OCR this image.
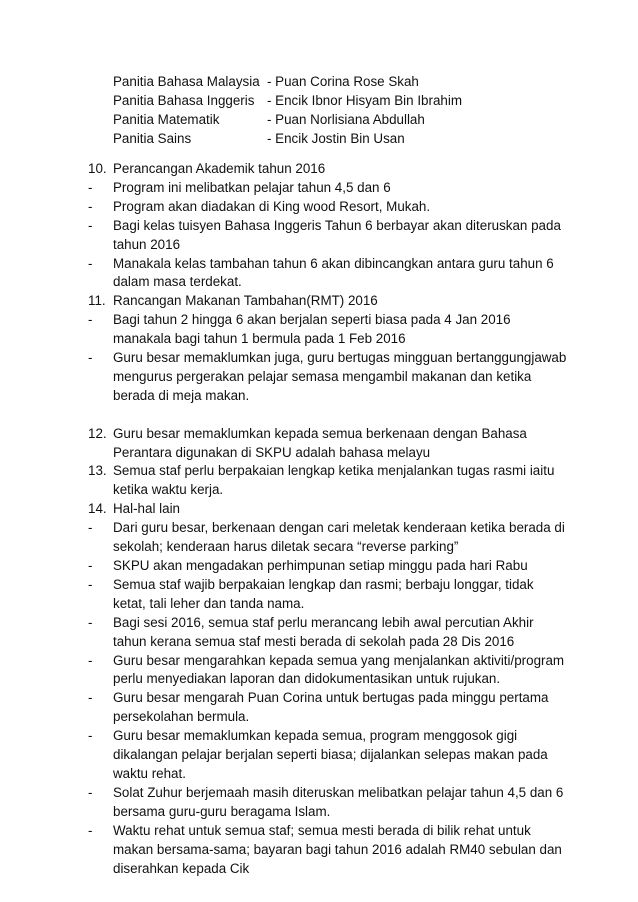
Panitia Bahasa Malaysia - Puan Corina Rose Skah
Panitia Bahasa Inggeris - Encik Ibnor Hisyam Bin Ibrahim
Panitia Matematik	- Puan Norlisiana Abdullah
Panitia Sains	- Encik Jostin Bin Usan
10. Perancangan Akademik tahun 2016
- Program ini melibatkan pelajar tahun 4,5 dan 6
- Program akan diadakan di King wood Resort, Mukah.
- Bagi kelas tuisyen Bahasa Inggeris Tahun 6 berbayar akan diteruskan pada tahun 2016
- Manakala kelas tambahan tahun 6 akan dibincangkan antara guru tahun 6 dalam masa terdekat.
11. Rancangan Makanan Tambahan(RMT) 2016
- Bagi tahun 2 hingga 6 akan berjalan seperti biasa pada 4 Jan 2016 manakala bagi tahun 1 bermula pada 1 Feb 2016
- Guru besar memaklumkan juga, guru bertugas mingguan bertanggungjawab mengurus pergerakan pelajar semasa mengambil makanan dan ketika berada di meja makan.
12. Guru besar memaklumkan kepada semua berkenaan dengan Bahasa Perantara digunakan di SKPU adalah bahasa melayu
13. Semua staf perlu berpakaian lengkap ketika menjalankan tugas rasmi iaitu ketika waktu kerja.
14. Hal-hal lain
- Dari guru besar, berkenaan dengan cari meletak kenderaan ketika berada di sekolah; kenderaan harus diletak secara “reverse parking”
- SKPU akan mengadakan perhimpunan setiap minggu pada hari Rabu
- Semua staf wajib berpakaian lengkap dan rasmi; berbaju longgar, tidak ketat, tali leher dan tanda nama.
- Bagi sesi 2016, semua staf perlu merancang lebih awal percutian Akhir tahun kerana semua staf mesti berada di sekolah pada 28 Dis 2016
- Guru besar mengarahkan kepada semua yang menjalankan aktiviti/program perlu menyediakan laporan dan didokumentasikan untuk rujukan.
- Guru besar mengarah Puan Corina untuk bertugas pada minggu pertama persekolahan bermula.
- Guru besar memaklumkan kepada semua, program menggosok gigi dikalangan pelajar berjalan seperti biasa; dijalankan selepas makan pada waktu rehat.
- Solat Zuhur berjemaah masih diteruskan melibatkan pelajar tahun 4,5 dan 6 bersama guru-guru beragama Islam.
- Waktu rehat untuk semua staf; semua mesti berada di bilik rehat untuk makan bersama-sama; bayaran bagi tahun 2016 adalah RM40 sebulan dan diserahkan kepada Cik
